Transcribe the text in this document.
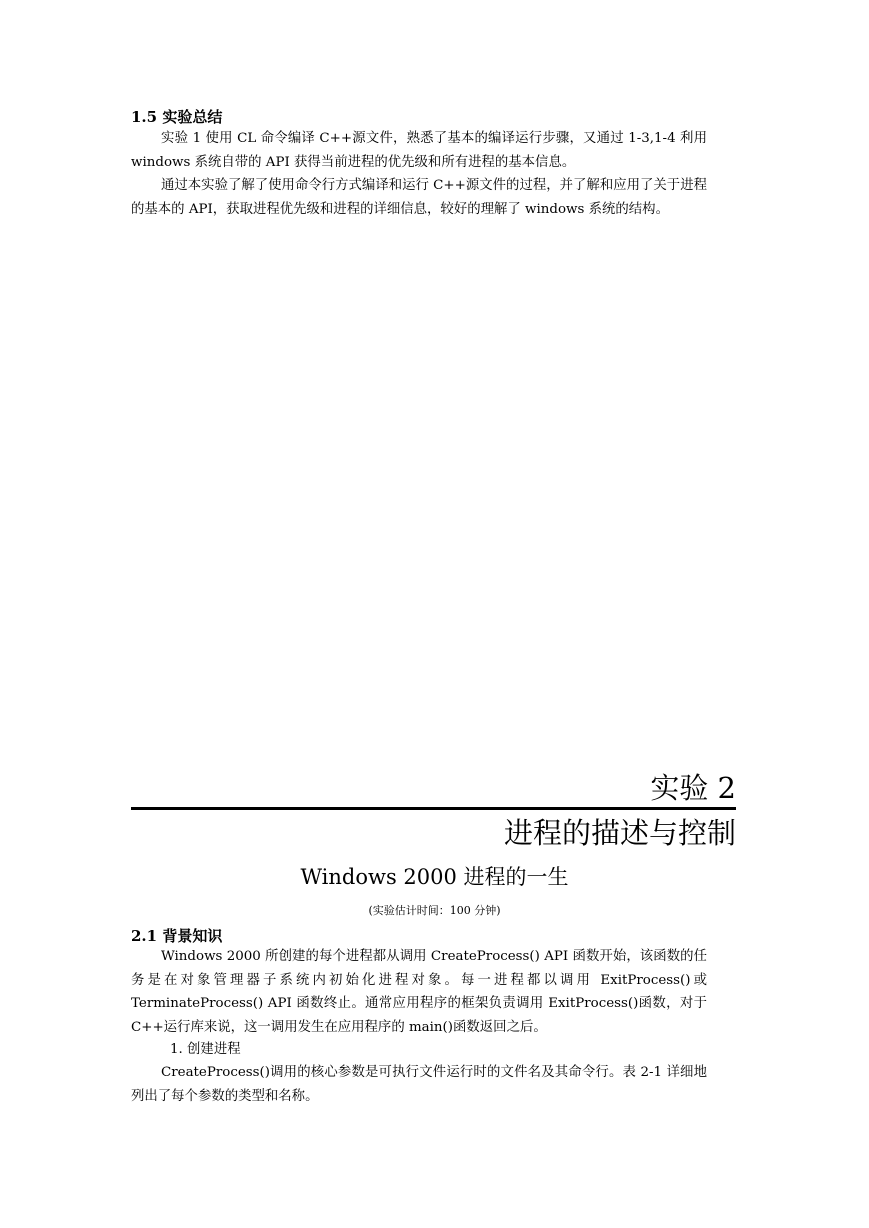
1.5 实验总结
实验 1 使用 CL 命令编译 C++源文件，熟悉了基本的编译运行步骤，又通过 1-3,1-4 利用 windows 系统自带的 API 获得当前进程的优先级和所有进程的基本信息。
通过本实验了解了使用命令行方式编译和运行 C++源文件的过程，并了解和应用了关于进程的基本的 API，获取进程优先级和进程的详细信息，较好的理解了 windows 系统的结构。
实验 2
进程的描述与控制
Windows 2000 进程的一生
(实验估计时间：100 分钟)
2.1 背景知识
Windows 2000 所创建的每个进程都从调用 CreateProcess() API 函数开始，该函数的任务是在对象管理器子系统内初始化进程对象。每一进程都以调用 ExitProcess()或 TerminateProcess() API 函数终止。通常应用程序的框架负责调用 ExitProcess()函数，对于 C++运行库来说，这一调用发生在应用程序的 main()函数返回之后。
1. 创建进程
CreateProcess()调用的核心参数是可执行文件运行时的文件名及其命令行。表 2-1 详细地列出了每个参数的类型和名称。
